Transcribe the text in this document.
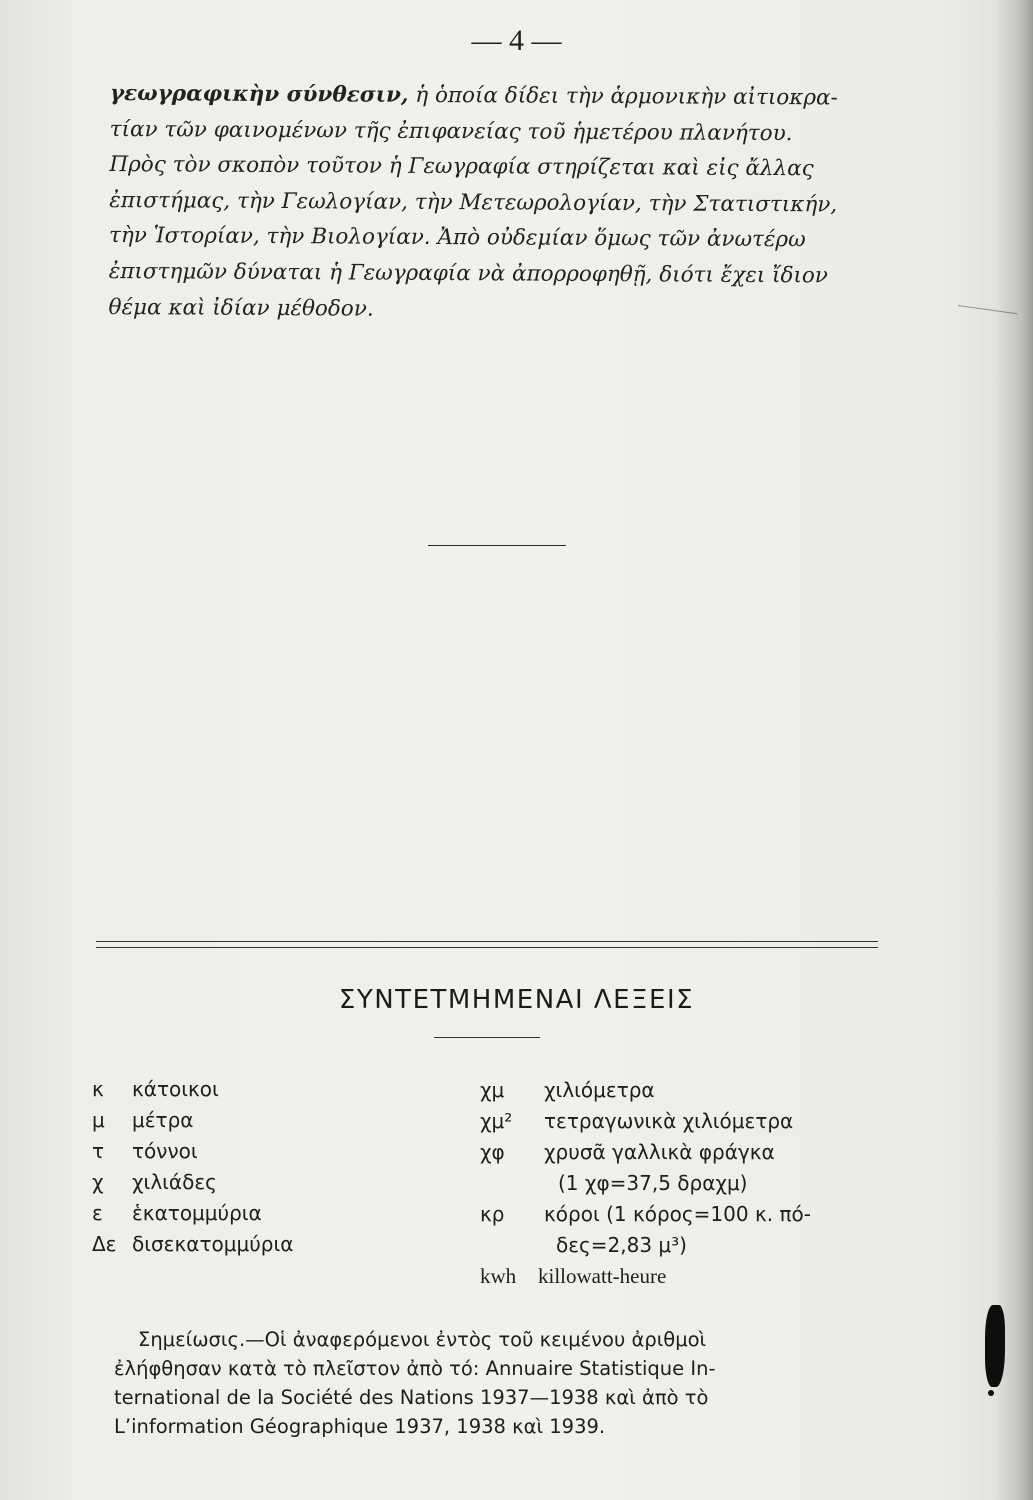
— 4 —
γεωγραφικὴν σύνθεσιν, ἡ ὁποία δίδει τὴν ἁρμονικὴν αἰτιοκρα-
τίαν τῶν φαινομένων τῆς ἐπιφανείας τοῦ ἡμετέρου πλανήτου.
Πρὸς τὸν σκοπὸν τοῦτον ἡ Γεωγραφία στηρίζεται καὶ εἰς ἄλλας
ἐπιστήμας, τὴν Γεωλογίαν, τὴν Μετεωρολογίαν, τὴν Στατιστικήν,
τὴν Ἱστορίαν, τὴν Βιολογίαν. Ἀπὸ οὐδεμίαν ὅμως τῶν ἀνωτέρω
ἐπιστημῶν δύναται ἡ Γεωγραφία νὰ ἀπορροφηθῇ, διότι ἔχει ἴδιον
θέμα καὶ ἰδίαν μέθοδον.
ΣΥΝΤΕΤΜΗΜΕΝΑΙ ΛΕΞΕΙΣ
κ	κάτοικοι
μ	μέτρα
τ	τόννοι
χ	χιλιάδες
ε	ἑκατομμύρια
Δε δισεκατομμύρια
χμ	χιλιόμετρα
χμ²	τετραγωνικὰ χιλιόμετρα
χφ	χρυσᾶ γαλλικὰ φράγκα
(1 χφ=37,5 δραχμ)
κρ	κόροι (1 κόρος=100 κ. πό-
δες=2,83 μ³)
kwh	killowatt-heure
Σημείωσις.—Οἱ ἀναφερόμενοι ἐντὸς τοῦ κειμένου ἀριθμοὶ
ἐλήφθησαν κατὰ τὸ πλεῖστον ἀπὸ τό: Annuaire Statistique In-
ternational de la Société des Nations 1937—1938 καὶ ἀπὸ τὸ
L’information Géographique 1937, 1938 καὶ 1939.
